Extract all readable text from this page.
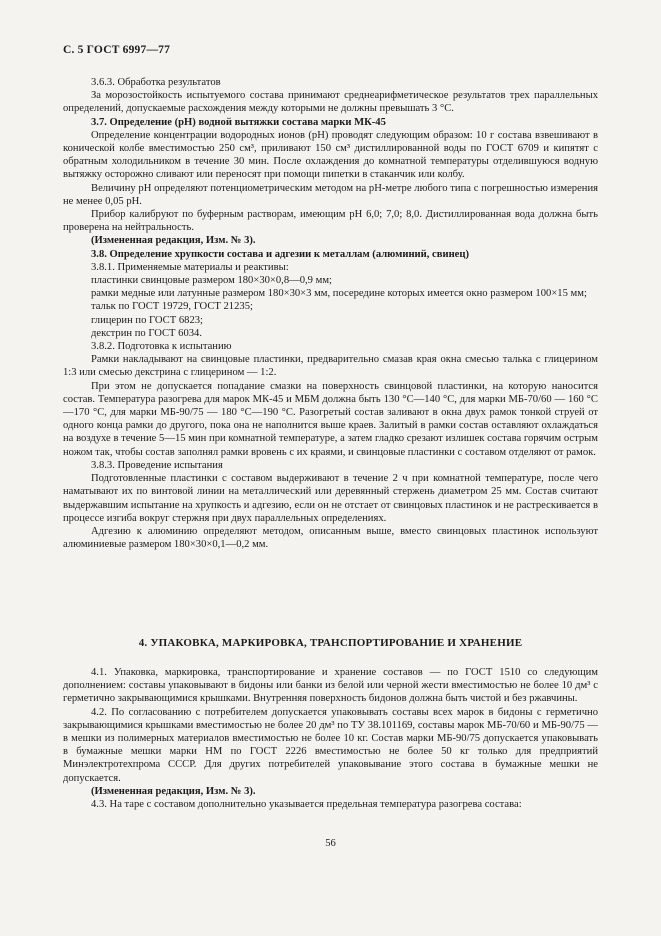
С. 5 ГОСТ 6997—77

3.6.3. Обработка результатов

За морозостойкость испытуемого состава принимают среднеарифметическое результатов трех параллельных определений, допускаемые расхождения между которыми не должны превышать 3 °С.

3.7. Определение (pH) водной вытяжки состава марки МК-45

Определение концентрации водородных ионов (pH) проводят следующим образом: 10 г состава взвешивают в конической колбе вместимостью 250 см³, приливают 150 см³ дистиллированной воды по ГОСТ 6709 и кипятят с обратным холодильником в течение 30 мин. После охлаждения до комнатной температуры отделившуюся водную вытяжку осторожно сливают или переносят при помощи пипетки в стаканчик или колбу.

Величину pH определяют потенциометрическим методом на pH-метре любого типа с погрешностью измерения не менее 0,05 pH.

Прибор калибруют по буферным растворам, имеющим pH 6,0; 7,0; 8,0. Дистиллированная вода должна быть проверена на нейтральность.

(Измененная редакция, Изм. № 3).

3.8. Определение хрупкости состава и адгезии к металлам (алюминий, свинец)

3.8.1. Применяемые материалы и реактивы:

пластинки свинцовые размером 180×30×0,8—0,9 мм;

рамки медные или латунные размером 180×30×3 мм, посередине которых имеется окно размером 100×15 мм;

тальк по ГОСТ 19729, ГОСТ 21235;

глицерин по ГОСТ 6823;

декстрин по ГОСТ 6034.

3.8.2. Подготовка к испытанию

Рамки накладывают на свинцовые пластинки, предварительно смазав края окна смесью талька с глицерином 1:3 или смесью декстрина с глицерином — 1:2.

При этом не допускается попадание смазки на поверхность свинцовой пластинки, на которую наносится состав. Температура разогрева для марок МК-45 и МБМ должна быть 130 °С—140 °С, для марки МБ-70/60 — 160 °С—170 °С, для марки МБ-90/75 — 180 °С—190 °С. Разогретый состав заливают в окна двух рамок тонкой струей от одного конца рамки до другого, пока она не наполнится выше краев. Залитый в рамки состав оставляют охлаждаться на воздухе в течение 5—15 мин при комнатной температуре, а затем гладко срезают излишек состава горячим острым ножом так, чтобы состав заполнял рамки вровень с их краями, и свинцовые пластинки с составом отделяют от рамок.

3.8.3. Проведение испытания

Подготовленные пластинки с составом выдерживают в течение 2 ч при комнатной температуре, после чего наматывают их по винтовой линии на металлический или деревянный стержень диаметром 25 мм. Состав считают выдержавшим испытание на хрупкость и адгезию, если он не отстает от свинцовых пластинок и не растрескивается в процессе изгиба вокруг стержня при двух параллельных определениях.

Адгезию к алюминию определяют методом, описанным выше, вместо свинцовых пластинок используют алюминиевые размером 180×30×0,1—0,2 мм.

4. УПАКОВКА, МАРКИРОВКА, ТРАНСПОРТИРОВАНИЕ И ХРАНЕНИЕ

4.1. Упаковка, маркировка, транспортирование и хранение составов — по ГОСТ 1510 со следующим дополнением: составы упаковывают в бидоны или банки из белой или черной жести вместимостью не более 10 дм³ с герметично закрывающимися крышками. Внутренняя поверхность бидонов должна быть чистой и без ржавчины.

4.2. По согласованию с потребителем допускается упаковывать составы всех марок в бидоны с герметично закрывающимися крышками вместимостью не более 20 дм³ по ТУ 38.101169, составы марок МБ-70/60 и МБ-90/75 — в мешки из полимерных материалов вместимостью не более 10 кг. Состав марки МБ-90/75 допускается упаковывать в бумажные мешки марки НМ по ГОСТ 2226 вместимостью не более 50 кг только для предприятий Минэлектротехпрома СССР. Для других потребителей упаковывание этого состава в бумажные мешки не допускается.

(Измененная редакция, Изм. № 3).

4.3. На таре с составом дополнительно указывается предельная температура разогрева состава:

56
